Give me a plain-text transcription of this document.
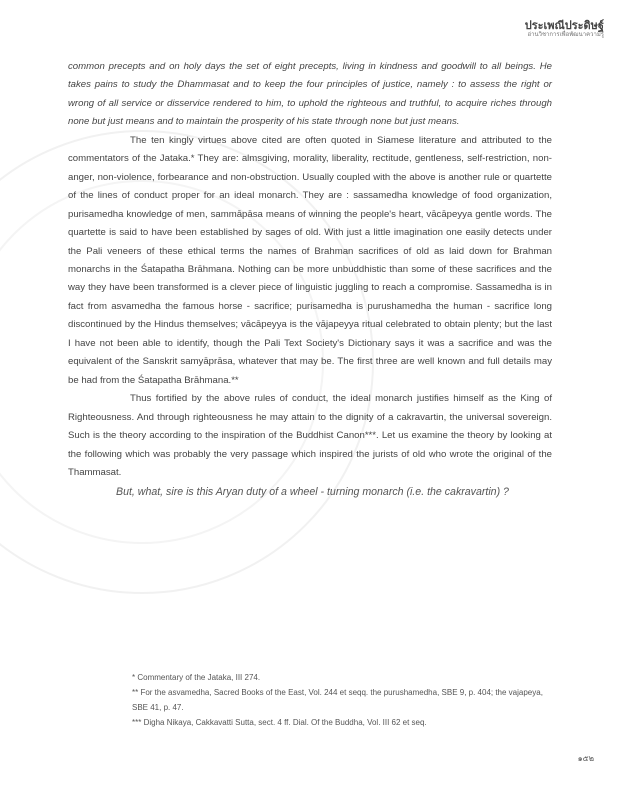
ประเพณีประดิษฐ์
อ่านวิชาการเพื่อพัฒนาความรู้

common precepts and on holy days the set of eight precepts, living in kindness and goodwill to all beings. He takes pains to study the Dhammasat and to keep the four principles of justice, namely : to assess the right or wrong of all service or disservice rendered to him, to uphold the righteous and truthful, to acquire riches through none but just means and to maintain the prosperity of his state through none but just means.

The ten kingly virtues above cited are often quoted in Siamese literature and attributed to the commentators of the Jataka.* They are: almsgiving, morality, liberality, rectitude, gentleness, self-restriction, non-anger, non-violence, forbearance and non-obstruction. Usually coupled with the above is another rule or quartette of the lines of conduct proper for an ideal monarch. They are : sassamedha knowledge of food organization, purisamedha knowledge of men, sammāpāsa means of winning the people's heart, vācāpeyya gentle words. The quartette is said to have been established by sages of old. With just a little imagination one easily detects under the Pali veneers of these ethical terms the names of Brahman sacrifices of old as laid down for Brahman monarchs in the Śatapatha Brāhmana. Nothing can be more unbuddhistic than some of these sacrifices and the way they have been transformed is a clever piece of linguistic juggling to reach a compromise. Sassamedha is in fact from asvamedha the famous horse - sacrifice; purisamedha is purushamedha the human - sacrifice long discontinued by the Hindus themselves; vācāpeyya is the vājapeyya ritual celebrated to obtain plenty; but the last I have not been able to identify, though the Pali Text Society's Dictionary says it was a sacrifice and was the equivalent of the Sanskrit samyāprāsa, whatever that may be. The first three are well known and full details may be had from the Śatapatha Brāhmana.**

Thus fortified by the above rules of conduct, the ideal monarch justifies himself as the King of Righteousness. And through righteousness he may attain to the dignity of a cakravartin, the universal sovereign. Such is the theory according to the inspiration of the Buddhist Canon***. Let us examine the theory by looking at the following which was probably the very passage which inspired the jurists of old who wrote the original of the Thammasat.

But, what, sire is this Aryan duty of a wheel - turning monarch (i.e. the cakravartin) ?

* Commentary of the Jataka, III 274.

** For the asvamedha, Sacred Books of the East, Vol. 244 et seqq. the purushamedha, SBE 9, p. 404; the vajapeya, SBE 41, p. 47.

*** Digha Nikaya, Cakkavatti Sutta, sect. 4 ff. Dial. Of the Buddha, Vol. III 62 et seq.

๑๕๒
